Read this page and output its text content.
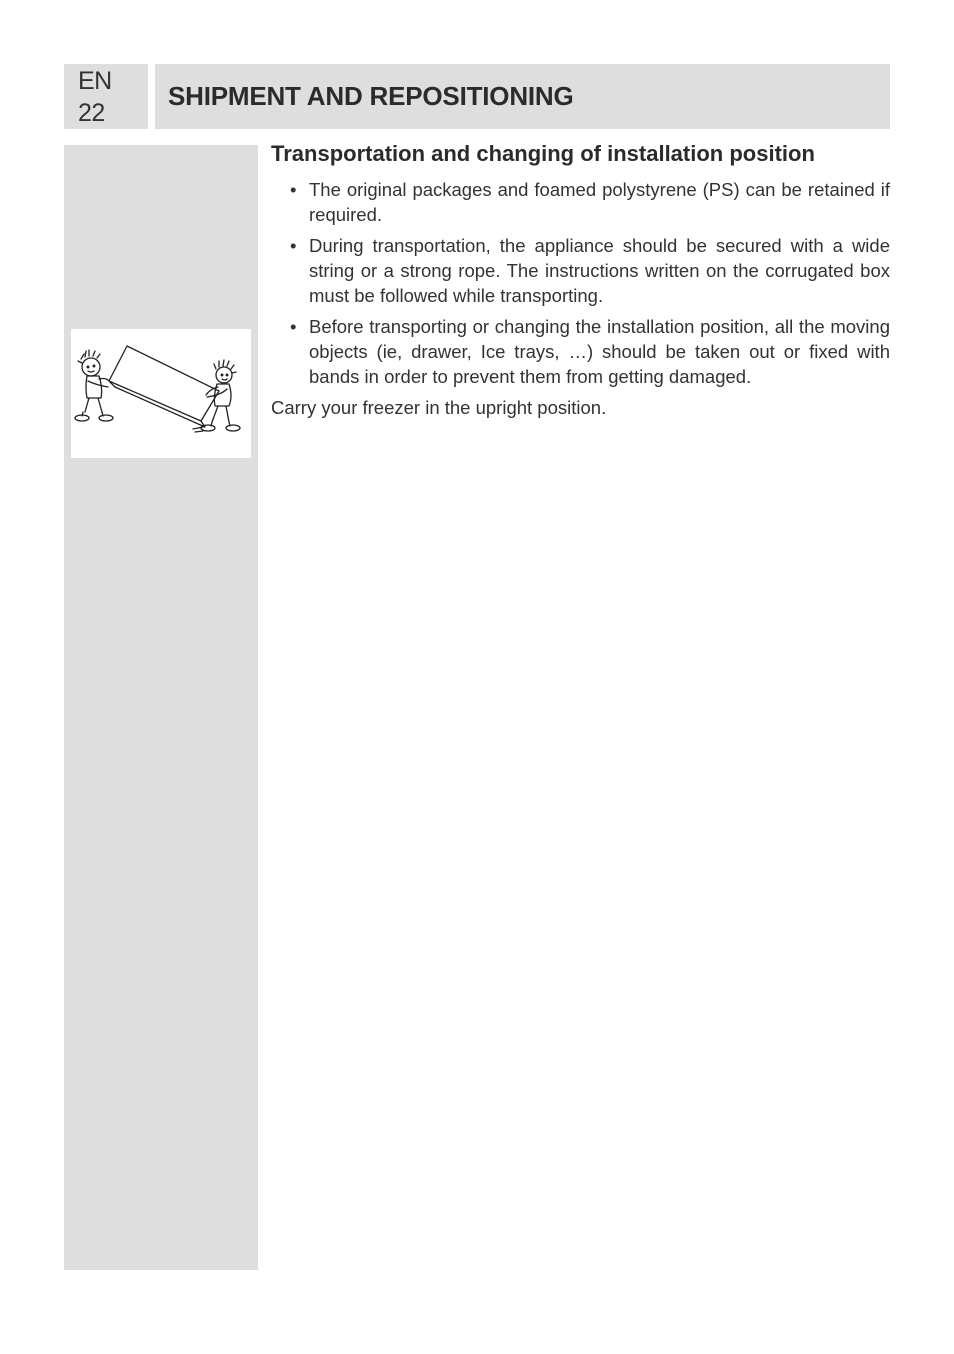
EN
22
SHIPMENT AND REPOSITIONING
Transportation and changing of installation position
• The original packages and foamed polystyrene (PS) can be retained if required.
• During transportation, the appliance should be secured with a wide string or a strong rope. The instructions written on the corrugated box must be followed while transporting.
• Before transporting or changing the installation position, all the moving objects (ie, drawer, Ice trays, …) should be taken out or fixed with bands in order to prevent them from getting damaged.
Carry your freezer in the upright position.
